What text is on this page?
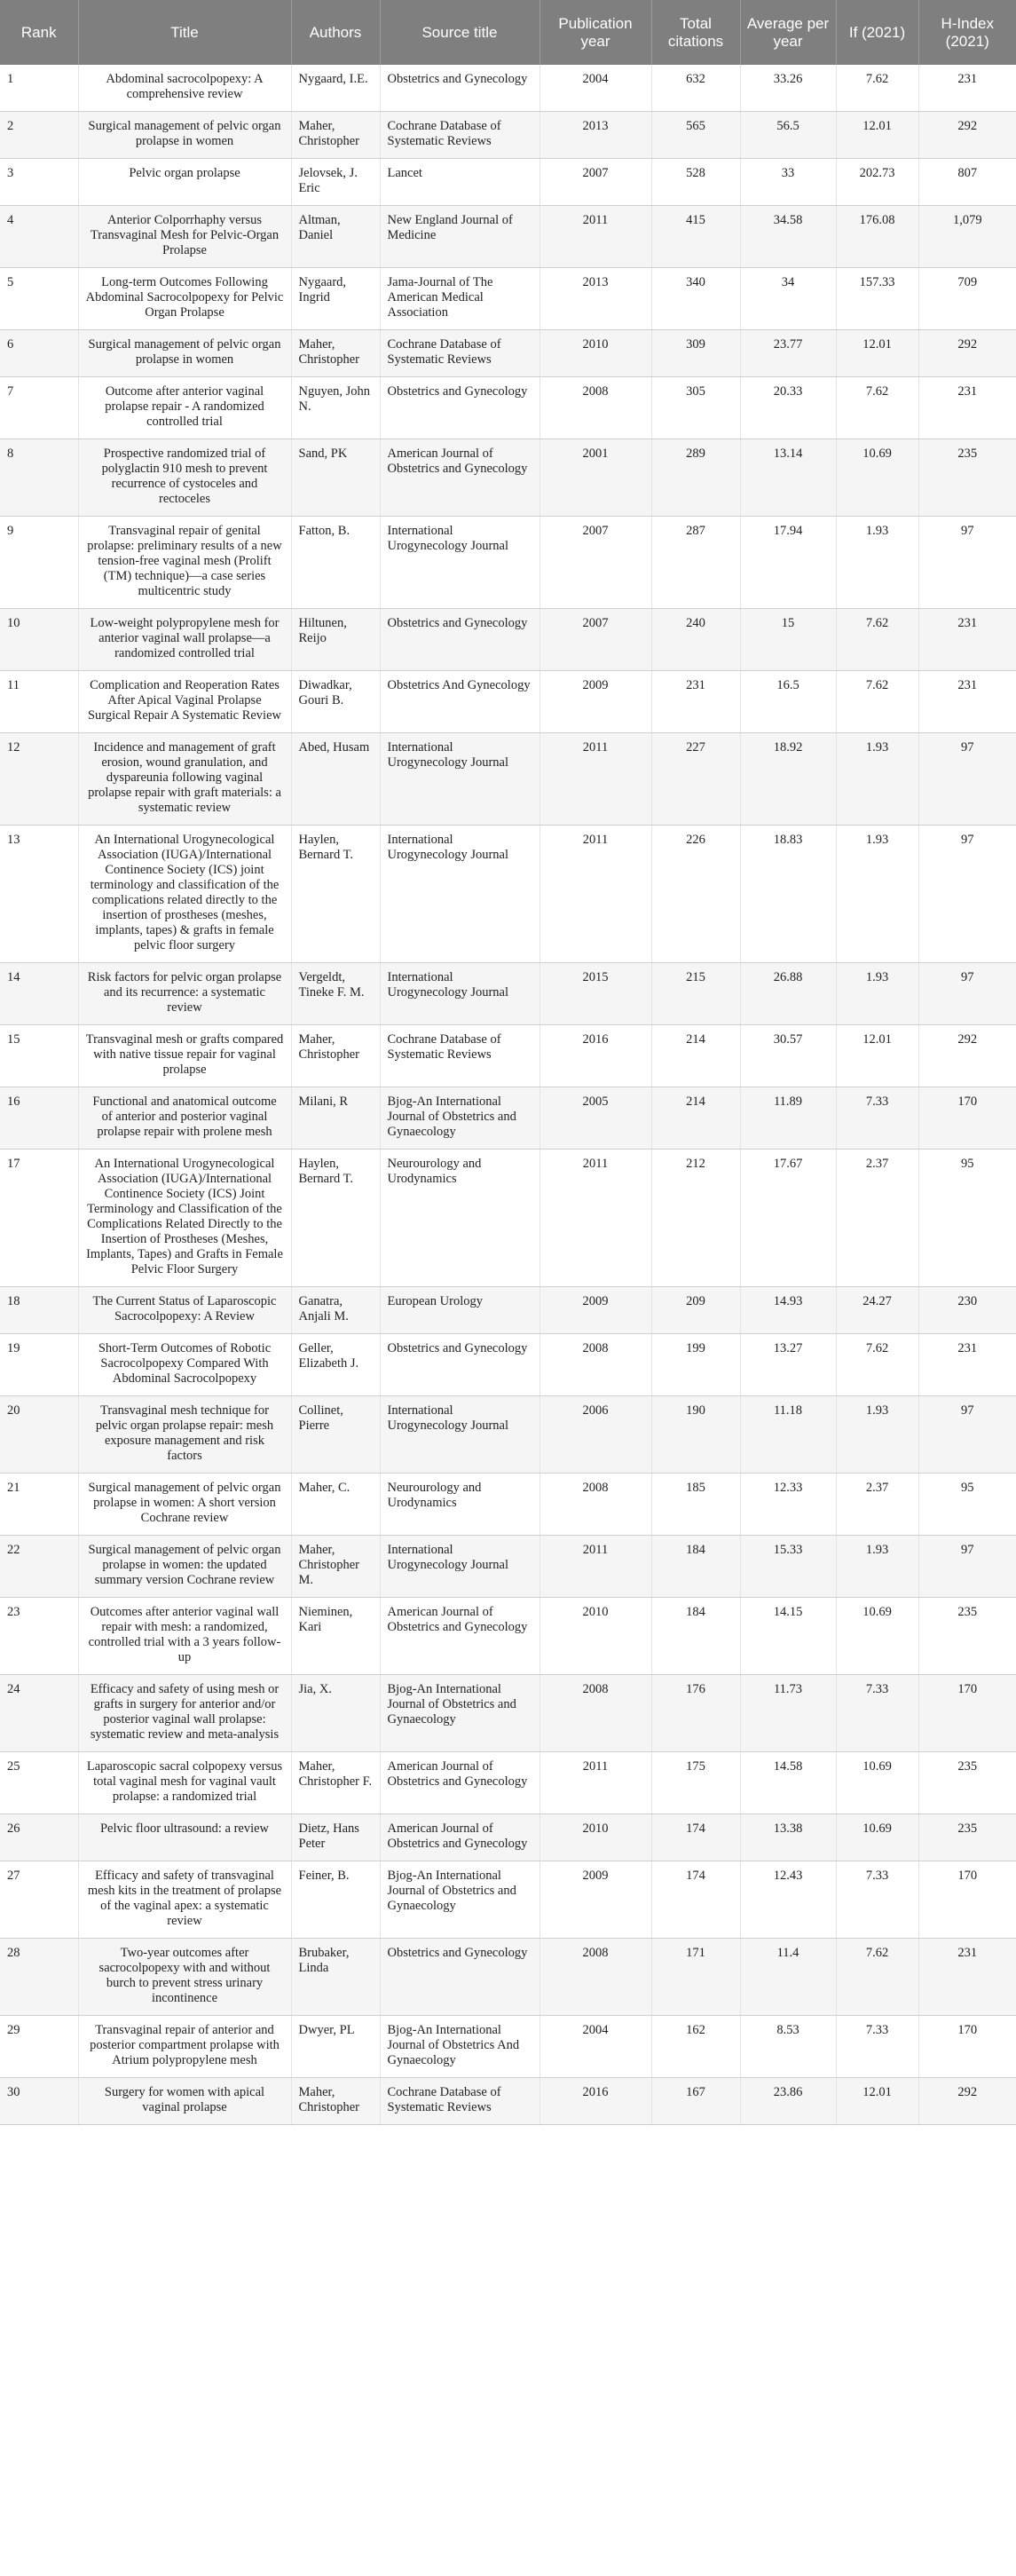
Rank	Title	Authors	Source title	Publication year	Total citations	Average per year	If (2021)	H-Index (2021)
1	Abdominal sacrocolpopexy: A comprehensive review	Nygaard, I.E.	Obstetrics and Gynecology	2004	632	33.26	7.62	231
2	Surgical management of pelvic organ prolapse in women	Maher, Christopher	Cochrane Database of Systematic Reviews	2013	565	56.5	12.01	292
3	Pelvic organ prolapse	Jelovsek, J. Eric	Lancet	2007	528	33	202.73	807
4	Anterior Colporrhaphy versus Transvaginal Mesh for Pelvic-Organ Prolapse	Altman, Daniel	New England Journal of Medicine	2011	415	34.58	176.08	1,079
5	Long-term Outcomes Following Abdominal Sacrocolpopexy for Pelvic Organ Prolapse	Nygaard, Ingrid	Jama-Journal of The American Medical Association	2013	340	34	157.33	709
6	Surgical management of pelvic organ prolapse in women	Maher, Christopher	Cochrane Database of Systematic Reviews	2010	309	23.77	12.01	292
7	Outcome after anterior vaginal prolapse repair - A randomized controlled trial	Nguyen, John N.	Obstetrics and Gynecology	2008	305	20.33	7.62	231
8	Prospective randomized trial of polyglactin 910 mesh to prevent recurrence of cystoceles and rectoceles	Sand, PK	American Journal of Obstetrics and Gynecology	2001	289	13.14	10.69	235
9	Transvaginal repair of genital prolapse: preliminary results of a new tension-free vaginal mesh (Prolift (TM) technique)—a case series multicentric study	Fatton, B.	International Urogynecology Journal	2007	287	17.94	1.93	97
10	Low-weight polypropylene mesh for anterior vaginal wall prolapse—a randomized controlled trial	Hiltunen, Reijo	Obstetrics and Gynecology	2007	240	15	7.62	231
11	Complication and Reoperation Rates After Apical Vaginal Prolapse Surgical Repair A Systematic Review	Diwadkar, Gouri B.	Obstetrics And Gynecology	2009	231	16.5	7.62	231
12	Incidence and management of graft erosion, wound granulation, and dyspareunia following vaginal prolapse repair with graft materials: a systematic review	Abed, Husam	International Urogynecology Journal	2011	227	18.92	1.93	97
13	An International Urogynecological Association (IUGA)/International Continence Society (ICS) joint terminology and classification of the complications related directly to the insertion of prostheses (meshes, implants, tapes) & grafts in female pelvic floor surgery	Haylen, Bernard T.	International Urogynecology Journal	2011	226	18.83	1.93	97
14	Risk factors for pelvic organ prolapse and its recurrence: a systematic review	Vergeldt, Tineke F. M.	International Urogynecology Journal	2015	215	26.88	1.93	97
15	Transvaginal mesh or grafts compared with native tissue repair for vaginal prolapse	Maher, Christopher	Cochrane Database of Systematic Reviews	2016	214	30.57	12.01	292
16	Functional and anatomical outcome of anterior and posterior vaginal prolapse repair with prolene mesh	Milani, R	Bjog-An International Journal of Obstetrics and Gynaecology	2005	214	11.89	7.33	170
17	An International Urogynecological Association (IUGA)/International Continence Society (ICS) Joint Terminology and Classification of the Complications Related Directly to the Insertion of Prostheses (Meshes, Implants, Tapes) and Grafts in Female Pelvic Floor Surgery	Haylen, Bernard T.	Neurourology and Urodynamics	2011	212	17.67	2.37	95
18	The Current Status of Laparoscopic Sacrocolpopexy: A Review	Ganatra, Anjali M.	European Urology	2009	209	14.93	24.27	230
19	Short-Term Outcomes of Robotic Sacrocolpopexy Compared With Abdominal Sacrocolpopexy	Geller, Elizabeth J.	Obstetrics and Gynecology	2008	199	13.27	7.62	231
20	Transvaginal mesh technique for pelvic organ prolapse repair: mesh exposure management and risk factors	Collinet, Pierre	International Urogynecology Journal	2006	190	11.18	1.93	97
21	Surgical management of pelvic organ prolapse in women: A short version Cochrane review	Maher, C.	Neurourology and Urodynamics	2008	185	12.33	2.37	95
22	Surgical management of pelvic organ prolapse in women: the updated summary version Cochrane review	Maher, Christopher M.	International Urogynecology Journal	2011	184	15.33	1.93	97
23	Outcomes after anterior vaginal wall repair with mesh: a randomized, controlled trial with a 3 years follow-up	Nieminen, Kari	American Journal of Obstetrics and Gynecology	2010	184	14.15	10.69	235
24	Efficacy and safety of using mesh or grafts in surgery for anterior and/or posterior vaginal wall prolapse: systematic review and meta-analysis	Jia, X.	Bjog-An International Journal of Obstetrics and Gynaecology	2008	176	11.73	7.33	170
25	Laparoscopic sacral colpopexy versus total vaginal mesh for vaginal vault prolapse: a randomized trial	Maher, Christopher F.	American Journal of Obstetrics and Gynecology	2011	175	14.58	10.69	235
26	Pelvic floor ultrasound: a review	Dietz, Hans Peter	American Journal of Obstetrics and Gynecology	2010	174	13.38	10.69	235
27	Efficacy and safety of transvaginal mesh kits in the treatment of prolapse of the vaginal apex: a systematic review	Feiner, B.	Bjog-An International Journal of Obstetrics and Gynaecology	2009	174	12.43	7.33	170
28	Two-year outcomes after sacrocolpopexy with and without burch to prevent stress urinary incontinence	Brubaker, Linda	Obstetrics and Gynecology	2008	171	11.4	7.62	231
29	Transvaginal repair of anterior and posterior compartment prolapse with Atrium polypropylene mesh	Dwyer, PL	Bjog-An International Journal of Obstetrics And Gynaecology	2004	162	8.53	7.33	170
30	Surgery for women with apical vaginal prolapse	Maher, Christopher	Cochrane Database of Systematic Reviews	2016	167	23.86	12.01	292
